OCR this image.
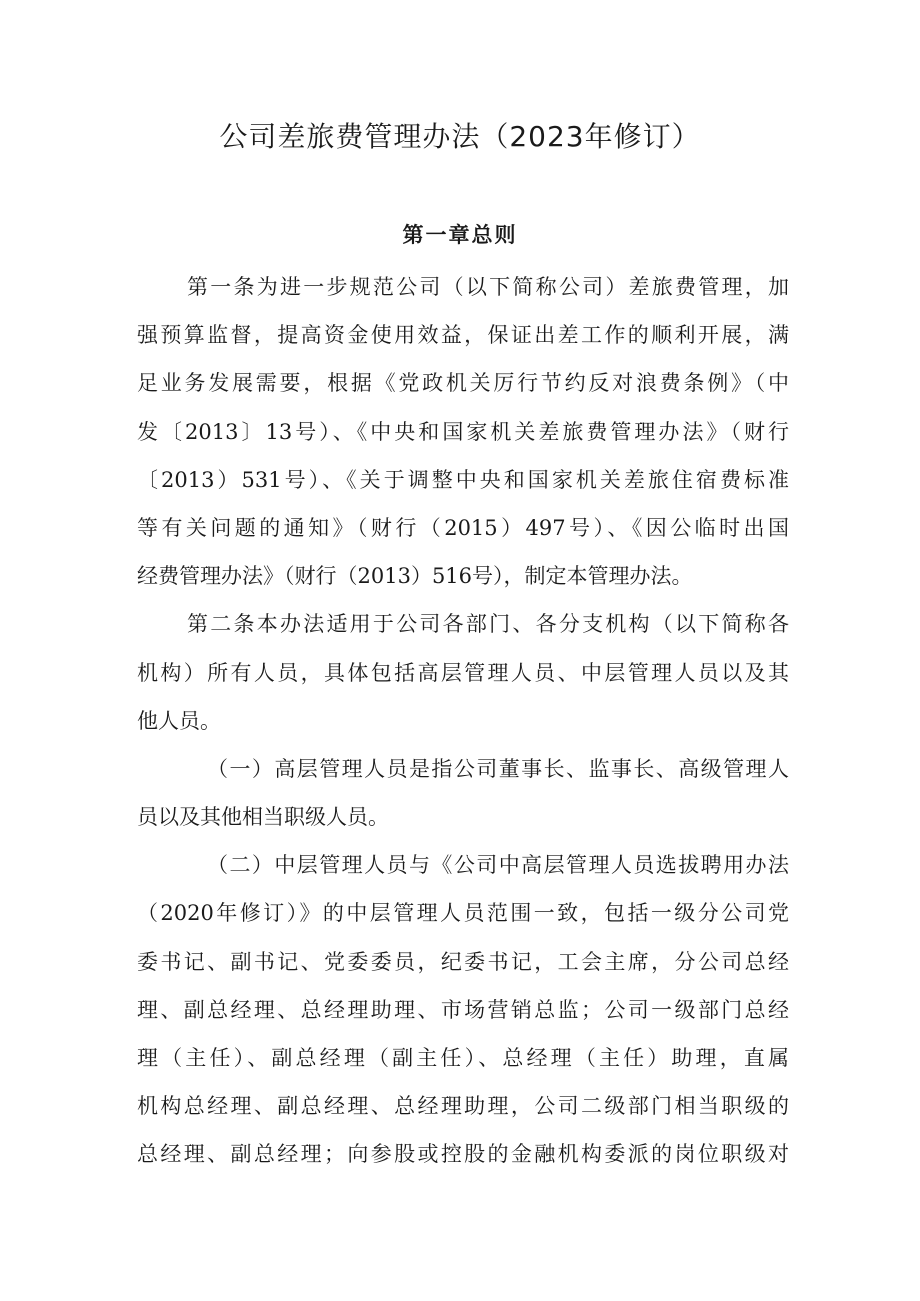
公司差旅费管理办法（2023年修订）
第一章总则
第一条为进一步规范公司（以下简称公司）差旅费管理，加
强预算监督，提高资金使用效益，保证出差工作的顺利开展，满
足业务发展需要，根据《党政机关厉行节约反对浪费条例》（中
发〔2013〕13号）、《中央和国家机关差旅费管理办法》（财行
〔2013）531号）、《关于调整中央和国家机关差旅住宿费标准
等有关问题的通知》（财行（2015）497号）、《因公临时出国
经费管理办法》（财行（2013）516号），制定本管理办法。
第二条本办法适用于公司各部门、各分支机构（以下简称各
机构）所有人员，具体包括高层管理人员、中层管理人员以及其
他人员。
（一）高层管理人员是指公司董事长、监事长、高级管理人
员以及其他相当职级人员。
（二）中层管理人员与《公司中高层管理人员选拔聘用办法
（2020年修订）》的中层管理人员范围一致，包括一级分公司党
委书记、副书记、党委委员，纪委书记，工会主席，分公司总经
理、副总经理、总经理助理、市场营销总监；公司一级部门总经
理（主任）、副总经理（副主任）、总经理（主任）助理，直属
机构总经理、副总经理、总经理助理，公司二级部门相当职级的
总经理、副总经理；向参股或控股的金融机构委派的岗位职级对
